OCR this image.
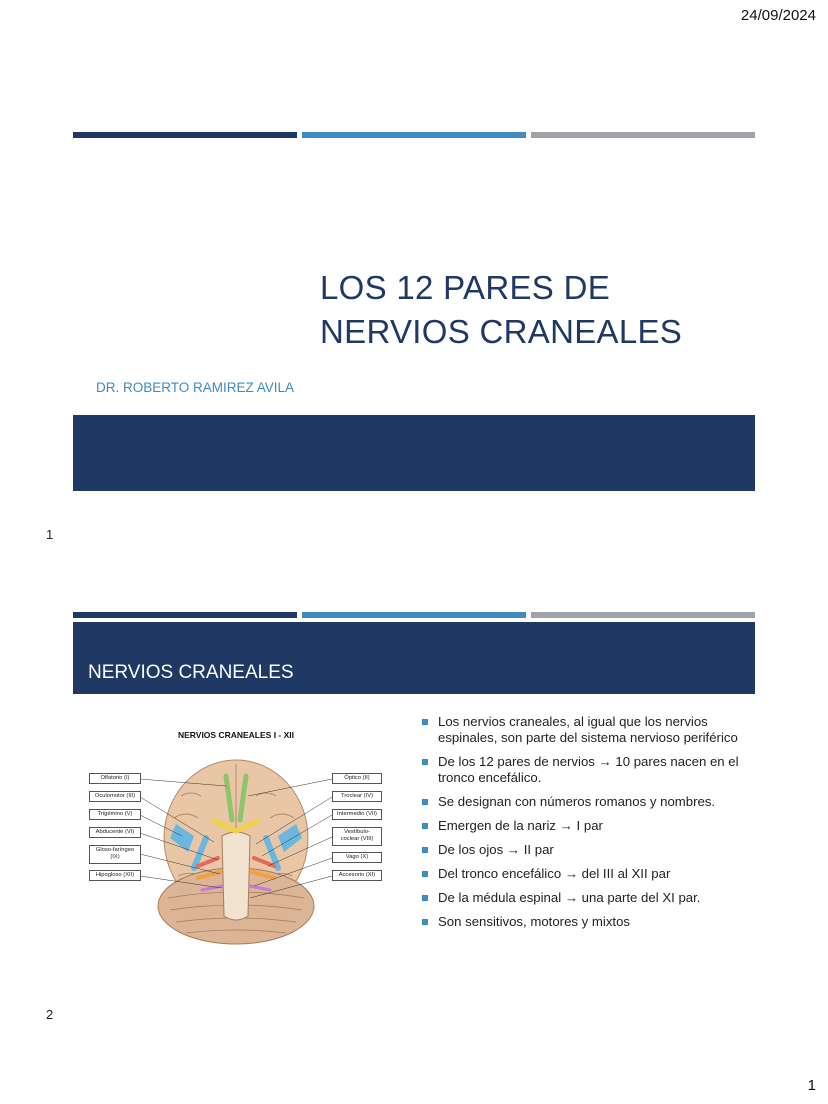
24/09/2024
LOS 12 PARES DE
NERVIOS CRANEALES
DR. ROBERTO RAMIREZ AVILA
1
NERVIOS CRANEALES
NERVIOS CRANEALES I - XII
Olfatorio (I)
Oculomotor (III)
Trigémino (V)
Abducente (VI)
Gloso-faríngeo (IX)
Hipogloso (XII)
Óptico (II)
Troclear (IV)
Intermedio (VII)
Vestíbulo-coclear (VIII)
Vago (X)
Accesorio (XI)
Los nervios craneales, al igual que los nervios espinales, son parte del sistema nervioso periférico
De los 12 pares de nervios → 10 pares nacen en el tronco encefálico.
Se designan con números romanos y nombres.
Emergen de la nariz → I par
De los ojos → II par
Del tronco encefálico → del III al XII par
De la médula espinal → una parte del XI par.
Son sensitivos, motores y mixtos
2
1
